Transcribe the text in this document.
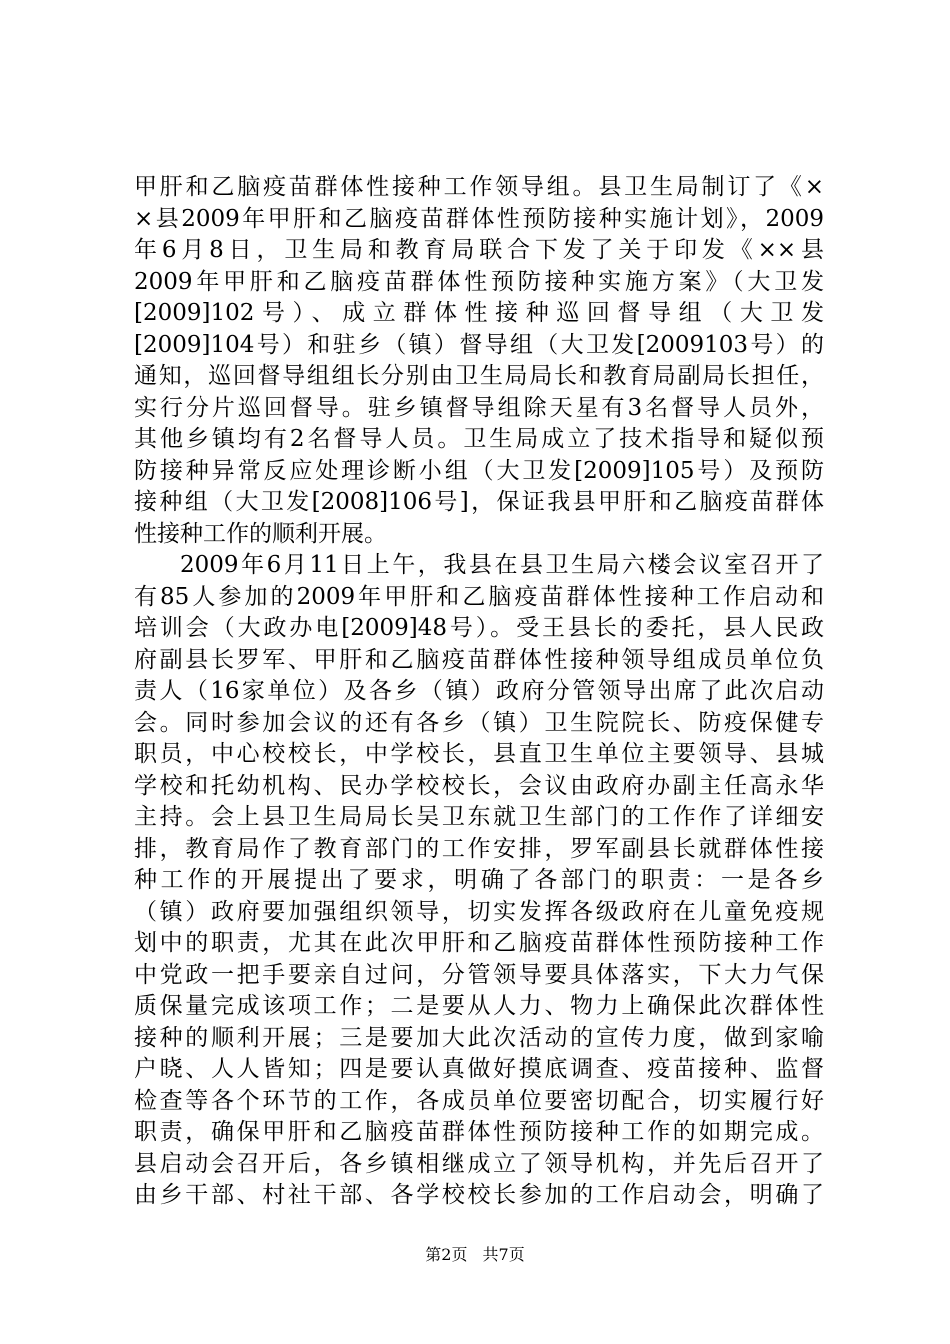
甲肝和乙脑疫苗群体性接种工作领导组。县卫生局制订了《×
×县2009年甲肝和乙脑疫苗群体性预防接种实施计划》，2009
年6月8日，卫生局和教育局联合下发了关于印发《××县
2009年甲肝和乙脑疫苗群体性预防接种实施方案》（大卫发
[2009]102号）、成立群体性接种巡回督导组（大卫发
[2009]104号）和驻乡（镇）督导组（大卫发[2009103号）的
通知，巡回督导组组长分别由卫生局局长和教育局副局长担任，
实行分片巡回督导。驻乡镇督导组除天星有3名督导人员外，
其他乡镇均有2名督导人员。卫生局成立了技术指导和疑似预
防接种异常反应处理诊断小组（大卫发[2009]105号）及预防
接种组（大卫发[2008]106号]，保证我县甲肝和乙脑疫苗群体
性接种工作的顺利开展。
2009年6月11日上午，我县在县卫生局六楼会议室召开了
有85人参加的2009年甲肝和乙脑疫苗群体性接种工作启动和
培训会（大政办电[2009]48号）。受王县长的委托，县人民政
府副县长罗军、甲肝和乙脑疫苗群体性接种领导组成员单位负
责人（16家单位）及各乡（镇）政府分管领导出席了此次启动
会。同时参加会议的还有各乡（镇）卫生院院长、防疫保健专
职员，中心校校长，中学校长，县直卫生单位主要领导、县城
学校和托幼机构、民办学校校长，会议由政府办副主任高永华
主持。会上县卫生局局长吴卫东就卫生部门的工作作了详细安
排，教育局作了教育部门的工作安排，罗军副县长就群体性接
种工作的开展提出了要求，明确了各部门的职责：一是各乡
（镇）政府要加强组织领导，切实发挥各级政府在儿童免疫规
划中的职责，尤其在此次甲肝和乙脑疫苗群体性预防接种工作
中党政一把手要亲自过问，分管领导要具体落实，下大力气保
质保量完成该项工作；二是要从人力、物力上确保此次群体性
接种的顺利开展；三是要加大此次活动的宣传力度，做到家喻
户晓、人人皆知；四是要认真做好摸底调查、疫苗接种、监督
检查等各个环节的工作，各成员单位要密切配合，切实履行好
职责，确保甲肝和乙脑疫苗群体性预防接种工作的如期完成。
县启动会召开后，各乡镇相继成立了领导机构，并先后召开了
由乡干部、村社干部、各学校校长参加的工作启动会，明确了
第2页 共7页
